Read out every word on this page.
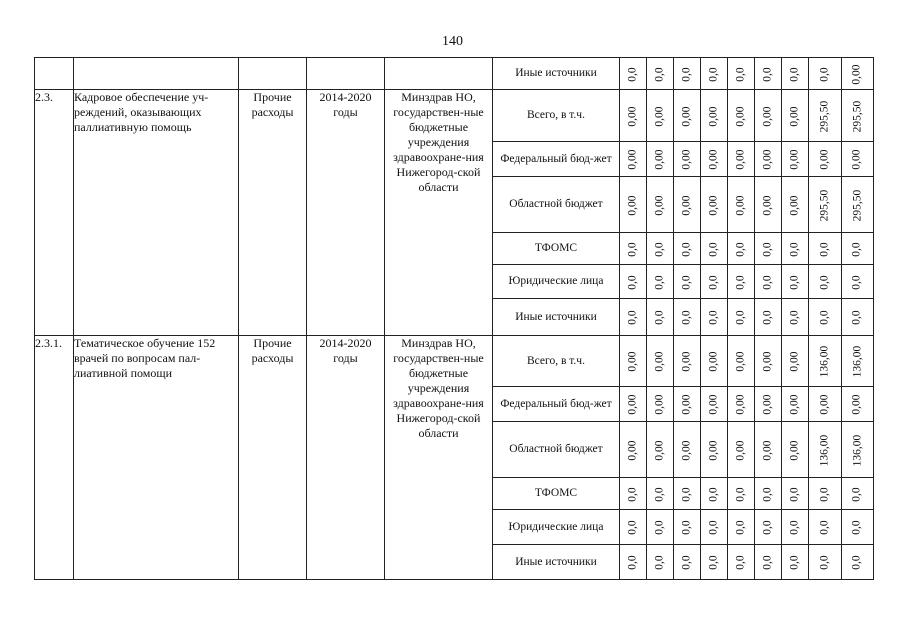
140
					Иные источники	0,0	0,0	0,0	0,0	0,0	0,0	0,0	0,0	0,00
2.3.	Кадровое обеспечение уч-реждений, оказывающих паллиативную помощь	Прочие расходы	2014-2020 годы	Минздрав НО, государствен-ные бюджетные учреждения здравоохране-ния Нижегород-ской области	Всего, в т.ч.	0,00	0,00	0,00	0,00	0,00	0,00	0,00	295,50	295,50
					Федеральный бюд-жет	0,00	0,00	0,00	0,00	0,00	0,00	0,00	0,00	0,00
					Областной бюджет	0,00	0,00	0,00	0,00	0,00	0,00	0,00	295,50	295,50
					ТФОМС	0,0	0,0	0,0	0,0	0,0	0,0	0,0	0,0	0,0
					Юридические лица	0,0	0,0	0,0	0,0	0,0	0,0	0,0	0,0	0,0
					Иные источники	0,0	0,0	0,0	0,0	0,0	0,0	0,0	0,0	0,0
2.3.1.	Тематическое обучение 152 врачей по вопросам пал-лиативной помощи	Прочие расходы	2014-2020 годы	Минздрав НО, государствен-ные бюджетные учреждения здравоохране-ния Нижегород-ской области	Всего, в т.ч.	0,00	0,00	0,00	0,00	0,00	0,00	0,00	136,00	136,00
					Федеральный бюд-жет	0,00	0,00	0,00	0,00	0,00	0,00	0,00	0,00	0,00
					Областной бюджет	0,00	0,00	0,00	0,00	0,00	0,00	0,00	136,00	136,00
					ТФОМС	0,0	0,0	0,0	0,0	0,0	0,0	0,0	0,0	0,0
					Юридические лица	0,0	0,0	0,0	0,0	0,0	0,0	0,0	0,0	0,0
					Иные источники	0,0	0,0	0,0	0,0	0,0	0,0	0,0	0,0	0,0
